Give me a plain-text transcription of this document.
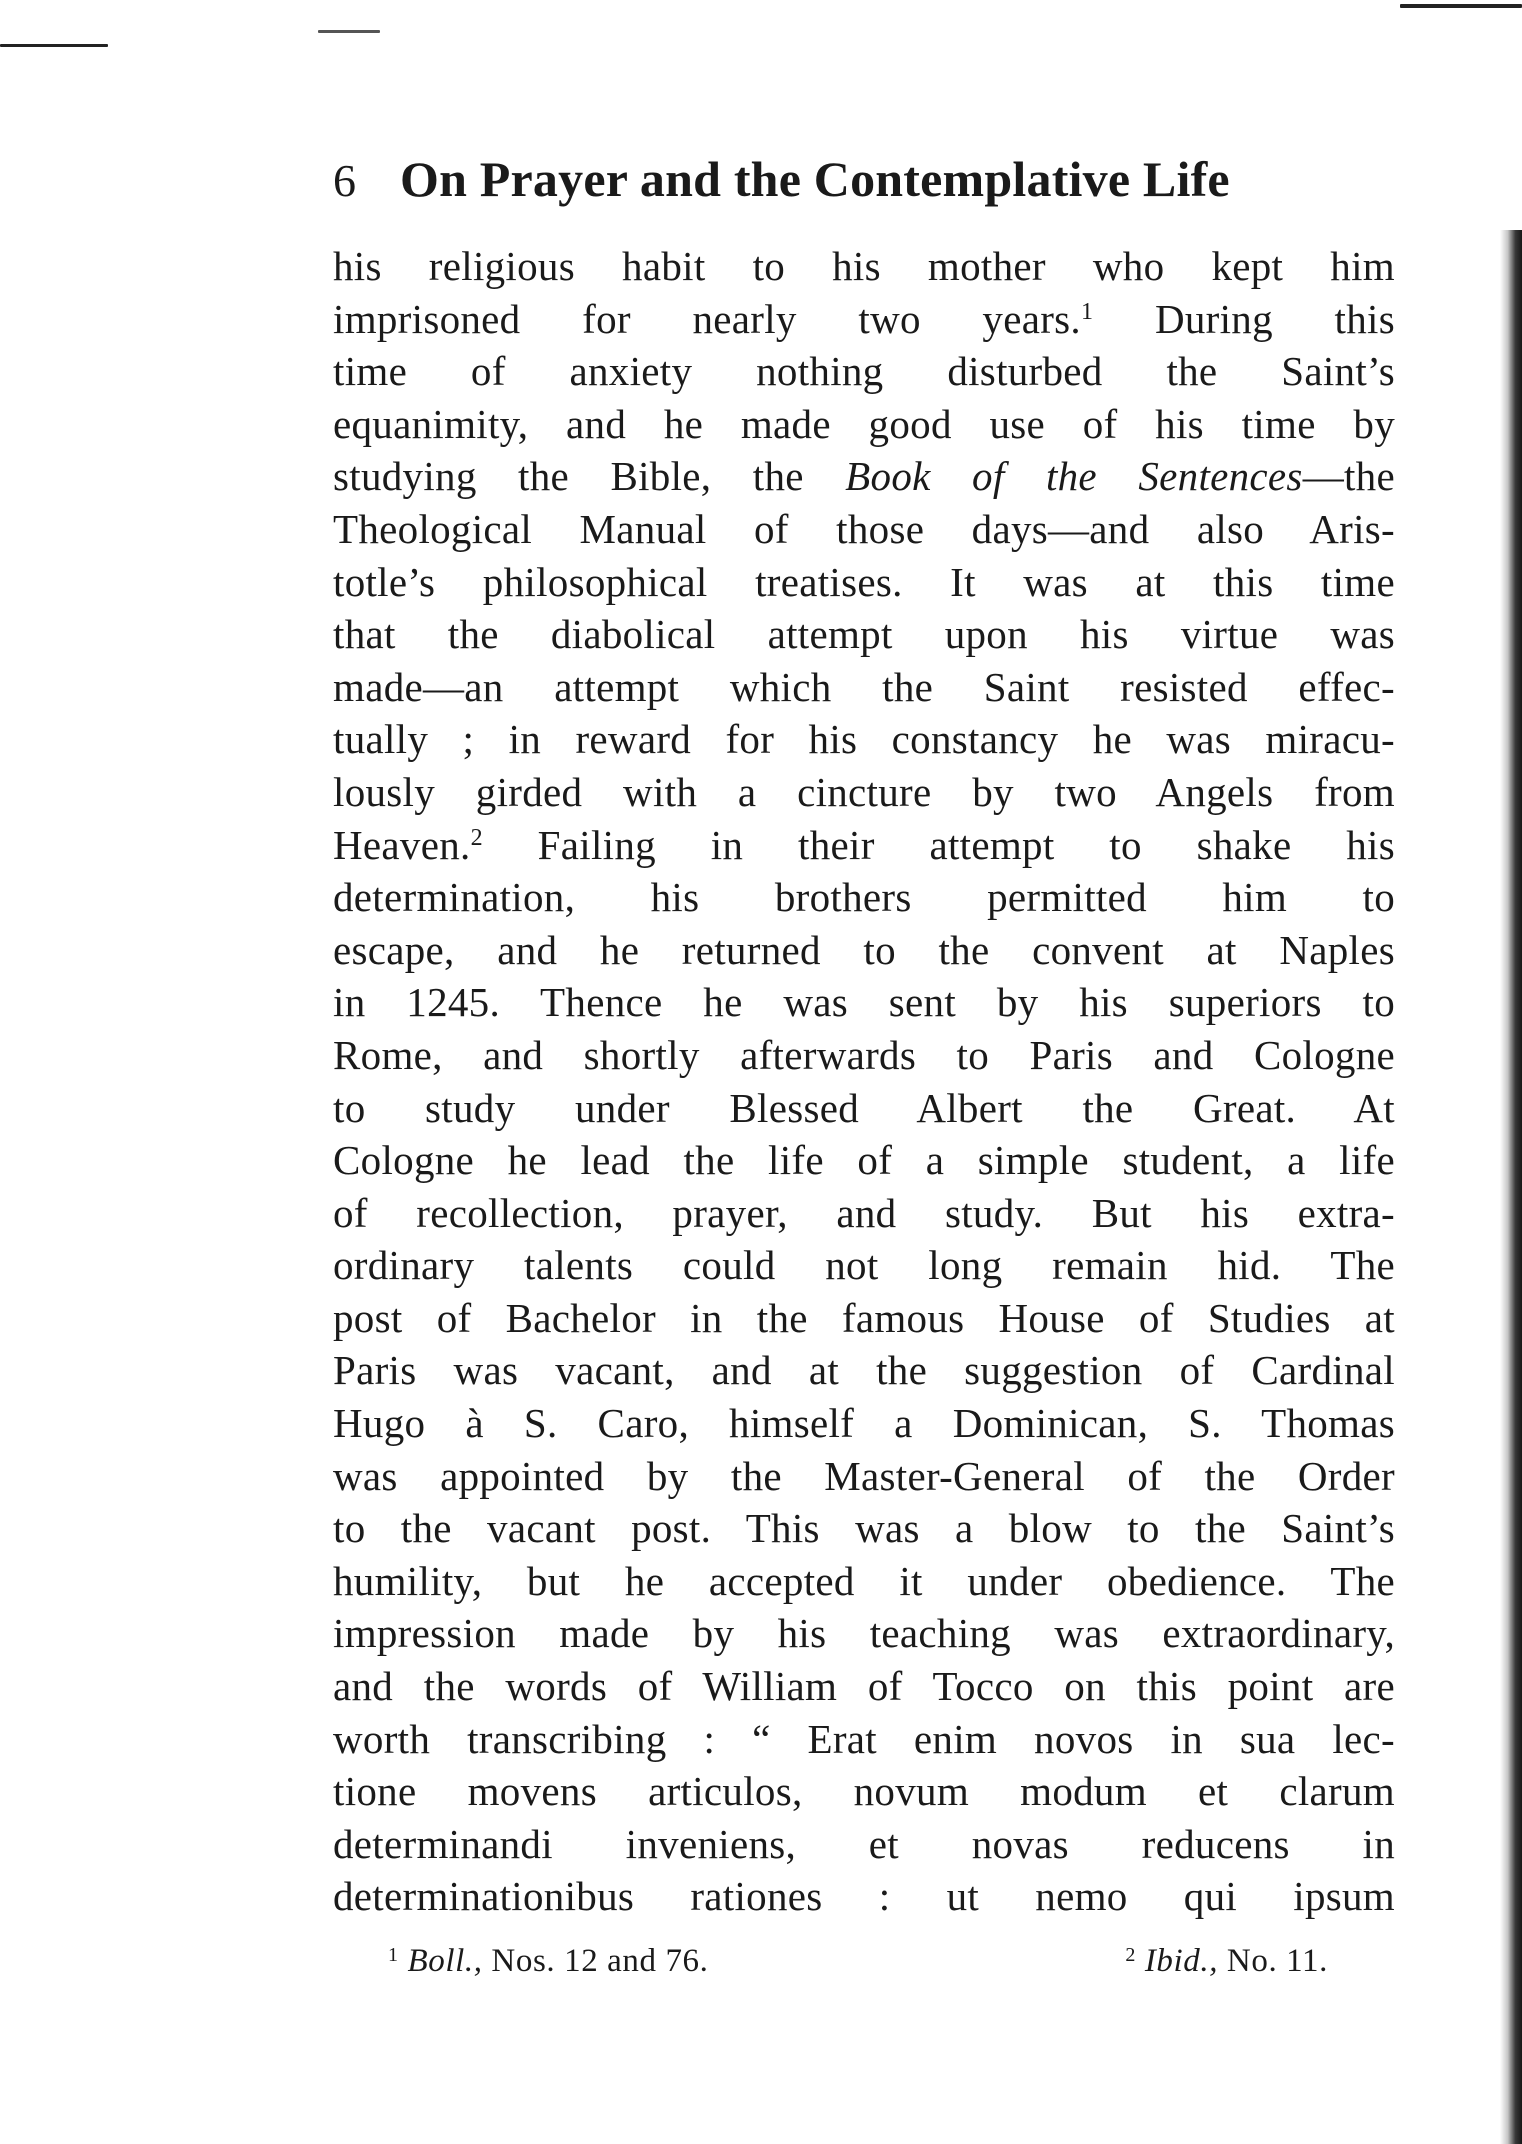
6 On Prayer and the Contemplative Life
his religious habit to his mother who kept him
imprisoned for nearly two years.$^1$ During this
time of anxiety nothing disturbed the Saint’s
equanimity, and he made good use of his time by
studying the Bible, the Book of the Sentences—the
Theological Manual of those days—and also Aris-
totle’s philosophical treatises. It was at this time
that the diabolical attempt upon his virtue was
made—an attempt which the Saint resisted effec-
tually ; in reward for his constancy he was miracu-
lously girded with a cincture by two Angels from
Heaven.$^2$ Failing in their attempt to shake his
determination, his brothers permitted him to
escape, and he returned to the convent at Naples
in 1245. Thence he was sent by his superiors to
Rome, and shortly afterwards to Paris and Cologne
to study under Blessed Albert the Great. At
Cologne he lead the life of a simple student, a life
of recollection, prayer, and study. But his extra-
ordinary talents could not long remain hid. The
post of Bachelor in the famous House of Studies at
Paris was vacant, and at the suggestion of Cardinal
Hugo à S. Caro, himself a Dominican, S. Thomas
was appointed by the Master-General of the Order
to the vacant post. This was a blow to the Saint’s
humility, but he accepted it under obedience. The
impression made by his teaching was extraordinary,
and the words of William of Tocco on this point are
worth transcribing : “ Erat enim novos in sua lec-
tione movens articulos, novum modum et clarum
determinandi inveniens, et novas reducens in
determinationibus rationes : ut nemo qui ipsum
$^1$ Boll., Nos. 12 and 76.	$^2$ Ibid., No. 11.
